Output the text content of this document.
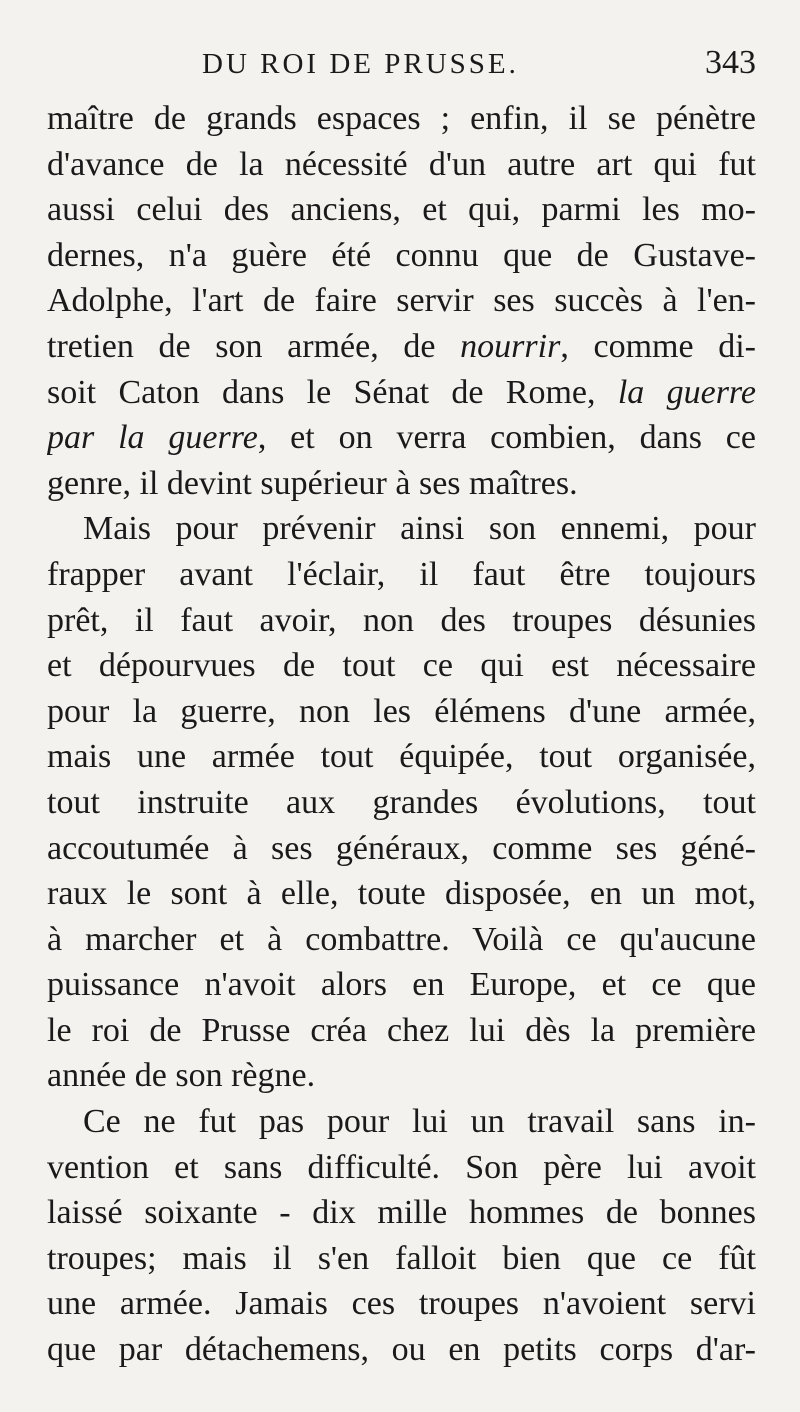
DU ROI DE PRUSSE.	343
maître de grands espaces ; enfin, il se pénètre
d'avance de la nécessité d'un autre art qui fut
aussi celui des anciens, et qui, parmi les mo-
dernes, n'a guère été connu que de Gustave-
Adolphe, l'art de faire servir ses succès à l'en-
tretien de son armée, de nourrir, comme di-
soit Caton dans le Sénat de Rome, la guerre
par la guerre, et on verra combien, dans ce
genre, il devint supérieur à ses maîtres.
Mais pour prévenir ainsi son ennemi, pour
frapper avant l'éclair, il faut être toujours
prêt, il faut avoir, non des troupes désunies
et dépourvues de tout ce qui est nécessaire
pour la guerre, non les élémens d'une armée,
mais une armée tout équipée, tout organisée,
tout instruite aux grandes évolutions, tout
accoutumée à ses généraux, comme ses géné-
raux le sont à elle, toute disposée, en un mot,
à marcher et à combattre. Voilà ce qu'aucune
puissance n'avoit alors en Europe, et ce que
le roi de Prusse créa chez lui dès la première
année de son règne.
Ce ne fut pas pour lui un travail sans in-
vention et sans difficulté. Son père lui avoit
laissé soixante - dix mille hommes de bonnes
troupes; mais il s'en falloit bien que ce fût
une armée. Jamais ces troupes n'avoient servi
que par détachemens, ou en petits corps d'ar-
